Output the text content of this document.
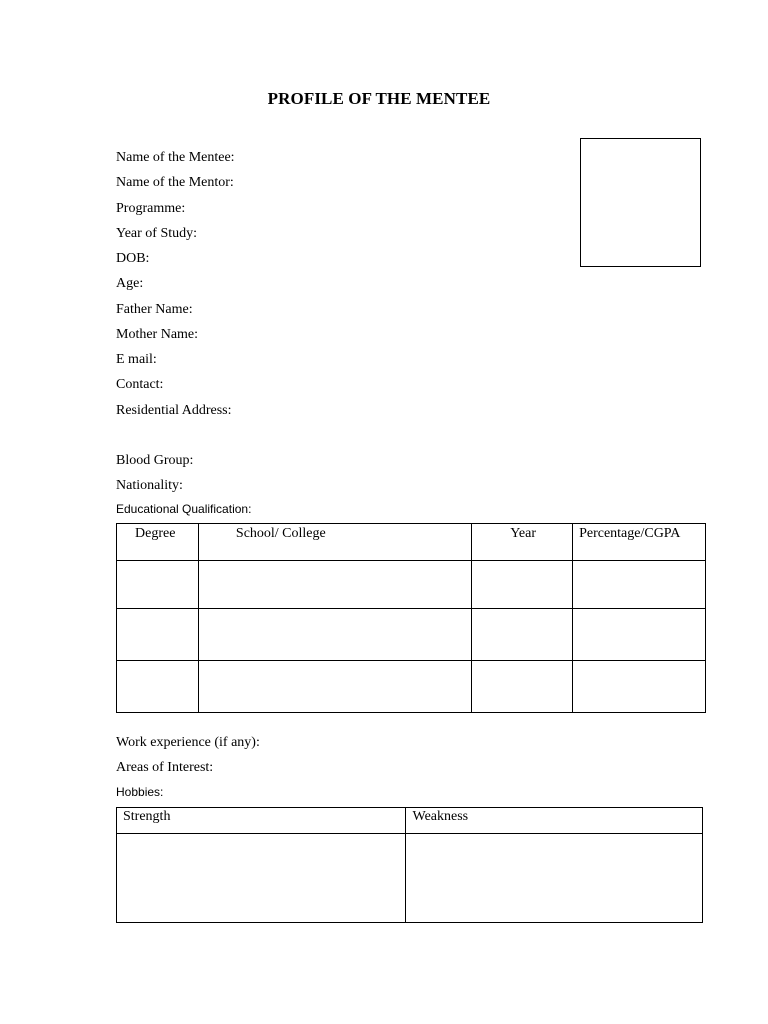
PROFILE OF THE MENTEE
Name of the Mentee:
Name of the Mentor:
Programme:
Year of Study:
DOB:
Age:
Father Name:
Mother Name:
E mail:
Contact:
Residential Address:
Blood Group:
Nationality:
Educational Qualification:
Degree	School/ College	Year	Percentage/CGPA

Work experience (if any):
Areas of Interest:
Hobbies:
Strength	Weakness
